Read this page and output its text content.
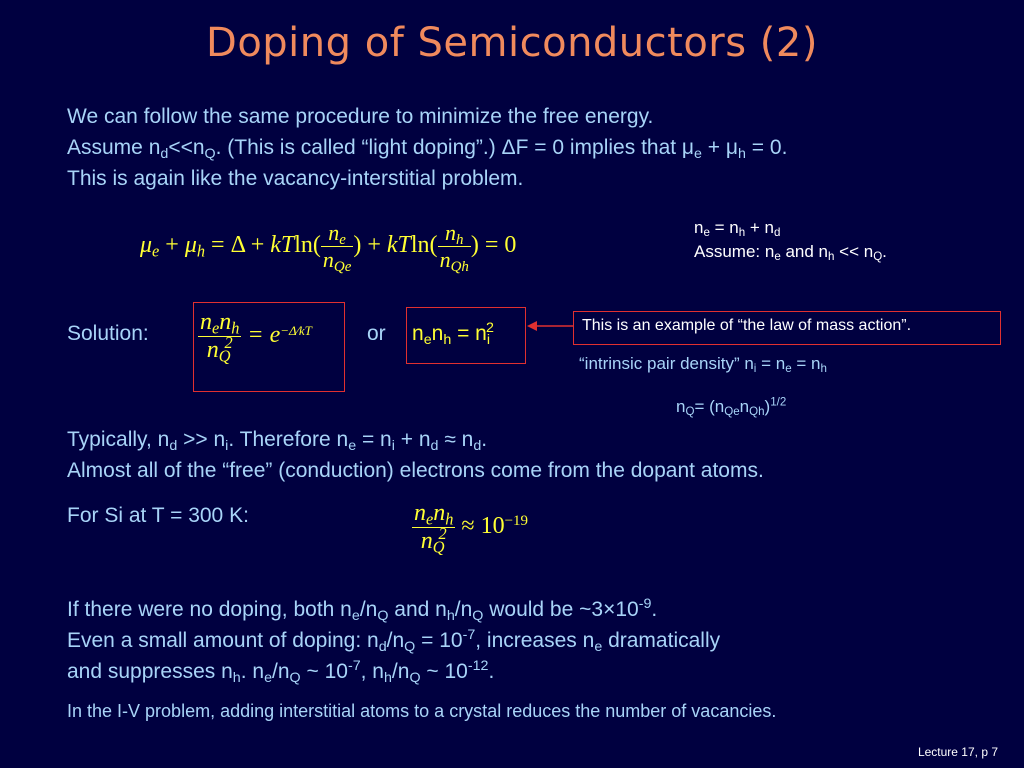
Doping of Semiconductors (2)
We can follow the same procedure to minimize the free energy.
Assume $n_d<<n_Q$. (This is called “light doping”.) ΔF = 0 implies that $\mu_e + \mu_h = 0$.
This is again like the vacancy-interstitial problem.
$\mu_e + \mu_h = \Delta + kTln( \frac{n_e}{n_{Qe}}$ ) + $kTln( \frac{n_h}{n_{Qh}}$ ) = 0
$n_e = n_h + n_d$
Assume: $n_e$ and $n_h << n_Q$.
Solution: $\frac{n_en_h}{n_Q^2} = e^{-\Delta⁄kT}$	or $n_en_h = n_i^2$	This is an example of “the law of mass action”.
“intrinsic pair density” $n_i = n_e = n_h$
$n_Q= (n_{Qe}n_{Qh})^{1/2}$
Typically, $n_d >> n_i$. Therefore $n_e = n_i + n_d \approx n_d$.
Almost all of the “free” (conduction) electrons come from the dopant atoms.
For Si at T = 300 K:	$\frac{n_en_h}{n_Q^2} \approx 10^{-19}$
If there were no doping, both $n_e/n_Q$ and $n_h/n_Q$ would be $\sim 3\times 10^{-9}$.
Even a small amount of doping: $n_d/n_Q = 10^{-7}$, increases $n_e$ dramatically
and suppresses $n_h$. $n_e/n_Q$ ~ $10^{-7}$, $n_h/n_Q$ ~ $10^{-12}$.
In the I-V problem, adding interstitial atoms to a crystal reduces the number of vacancies.
Lecture 17, p 7
